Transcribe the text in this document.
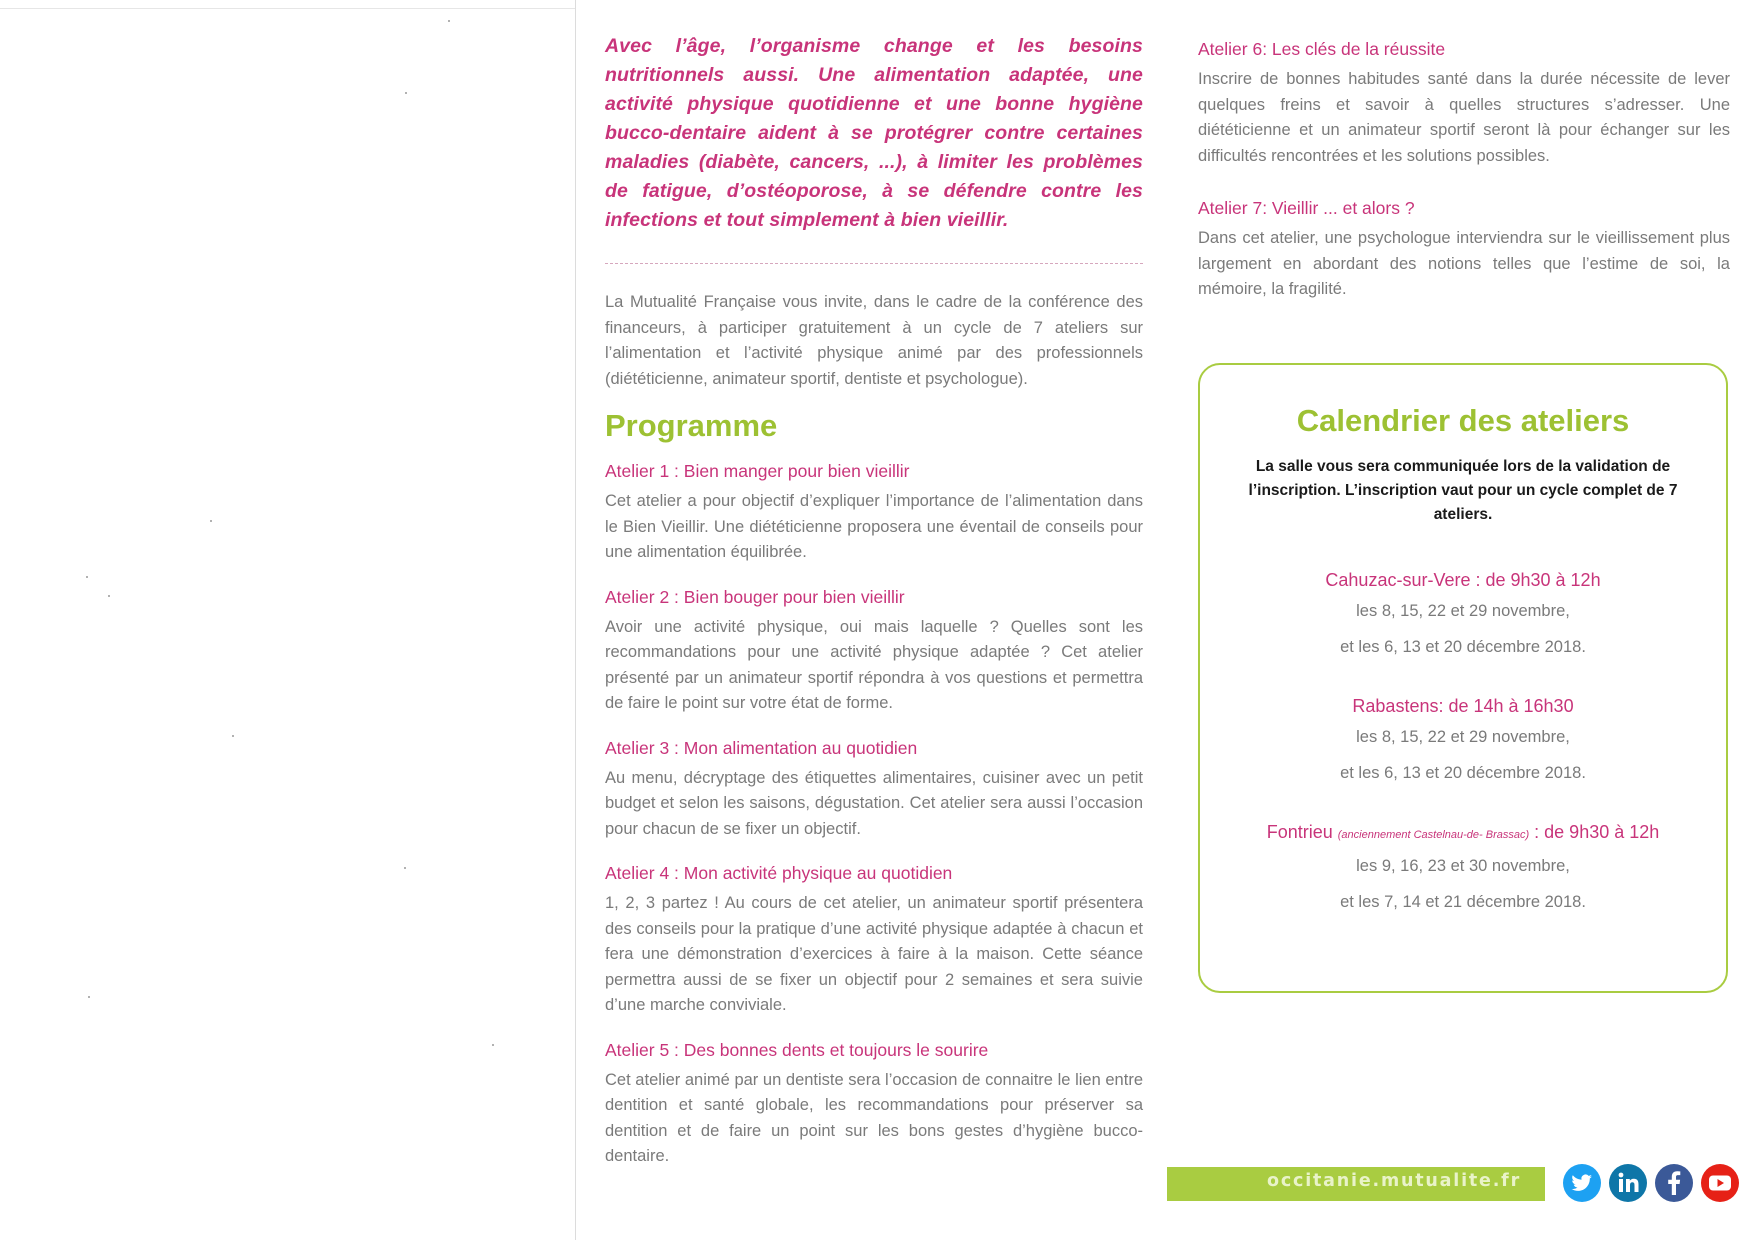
Avec l’âge, l’organisme change et les besoins nutritionnels aussi. Une alimentation adaptée, une activité physique quotidienne et une bonne hygiène bucco-dentaire aident à se protégrer contre certaines maladies (diabète, cancers, ...), à limiter les problèmes de fatigue, d’ostéoporose, à se défendre contre les infections et tout simplement à bien vieillir.

La Mutualité Française vous invite, dans le cadre de la conférence des financeurs, à participer gratuitement à un cycle de 7 ateliers sur l’alimentation et l’activité physique animé par des professionnels (diététicienne, animateur sportif, dentiste et psychologue).

Programme

Atelier 1 : Bien manger pour bien vieillir

Cet atelier a pour objectif d’expliquer l’importance de l’alimentation dans le Bien Vieillir. Une diététicienne proposera une éventail de conseils pour une alimentation équilibrée.

Atelier 2 : Bien bouger pour bien vieillir

Avoir une activité physique, oui mais laquelle ? Quelles sont les recommandations pour une activité physique adaptée ? Cet atelier présenté par un animateur sportif répondra à vos questions et permettra de faire le point sur votre état de forme.

Atelier 3 : Mon alimentation au quotidien

Au menu, décryptage des étiquettes alimentaires, cuisiner avec un petit budget et selon les saisons, dégustation. Cet atelier sera aussi l’occasion pour chacun de se fixer un objectif.

Atelier 4 : Mon activité physique au quotidien

1, 2, 3 partez ! Au cours de cet atelier, un animateur sportif présentera des conseils pour la pratique d’une activité physique adaptée à chacun et fera une démonstration d’exercices à faire à la maison. Cette séance permettra aussi de se fixer un objectif pour 2 semaines et sera suivie d’une marche conviviale.

Atelier 5 : Des bonnes dents et toujours le sourire

Cet atelier animé par un dentiste sera l’occasion de connaitre le lien entre dentition et santé globale, les recommandations pour préserver sa dentition et de faire un point sur les bons gestes d’hygiène bucco-dentaire.

Atelier 6: Les clés de la réussite

Inscrire de bonnes habitudes santé dans la durée nécessite de lever quelques freins et savoir à quelles structures s’adresser. Une diététicienne et un animateur sportif seront là pour échanger sur les difficultés rencontrées et les solutions possibles.

Atelier 7: Vieillir ... et alors ?

Dans cet atelier, une psychologue interviendra sur le vieillissement plus largement en abordant des notions telles que l’estime de soi, la mémoire, la fragilité.

Calendrier des ateliers

La salle vous sera communiquée lors de la validation de l’inscription. L’inscription vaut pour un cycle complet de 7 ateliers.

Cahuzac-sur-Vere : de 9h30 à 12h
les 8, 15, 22 et 29 novembre,
et les 6, 13 et 20 décembre 2018.
Rabastens: de 14h à 16h30
les 8, 15, 22 et 29 novembre,
et les 6, 13 et 20 décembre 2018.
Fontrieu (anciennement Castelnau-de- Brassac) : de 9h30 à 12h
les 9, 16, 23 et 30 novembre,
et les 7, 14 et 21 décembre 2018.
occitanie.mutualite.fr
